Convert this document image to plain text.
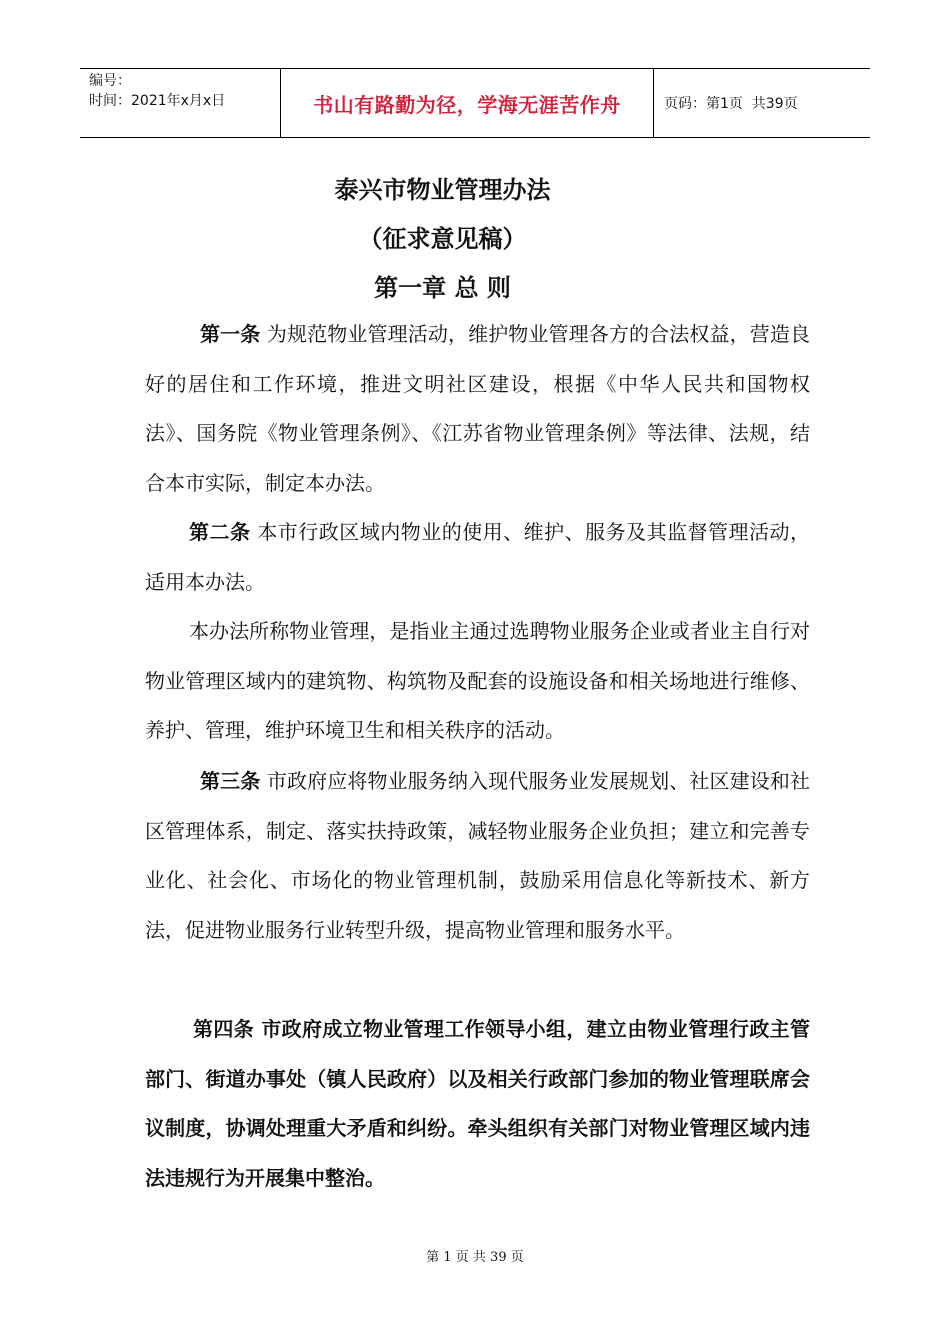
编号：
时间：2021年x月x日	书山有路勤为径，学海无涯苦作舟	页码：第1页  共39页
泰兴市物业管理办法
（征求意见稿）
第一章 总 则
第一条 为规范物业管理活动，维护物业管理各方的合法权益，营造良好的居住和工作环境，推进文明社区建设，根据《中华人民共和国物权法》、国务院《物业管理条例》、《江苏省物业管理条例》等法律、法规，结合本市实际，制定本办法。
第二条 本市行政区域内物业的使用、维护、服务及其监督管理活动，适用本办法。
本办法所称物业管理，是指业主通过选聘物业服务企业或者业主自行对物业管理区域内的建筑物、构筑物及配套的设施设备和相关场地进行维修、养护、管理，维护环境卫生和相关秩序的活动。
第三条 市政府应将物业服务纳入现代服务业发展规划、社区建设和社区管理体系，制定、落实扶持政策，减轻物业服务企业负担；建立和完善专业化、社会化、市场化的物业管理机制，鼓励采用信息化等新技术、新方法，促进物业服务行业转型升级，提高物业管理和服务水平。
第四条 市政府成立物业管理工作领导小组，建立由物业管理行政主管部门、街道办事处（镇人民政府）以及相关行政部门参加的物业管理联席会议制度，协调处理重大矛盾和纠纷。牵头组织有关部门对物业管理区域内违法违规行为开展集中整治。
第 1 页 共 39 页
